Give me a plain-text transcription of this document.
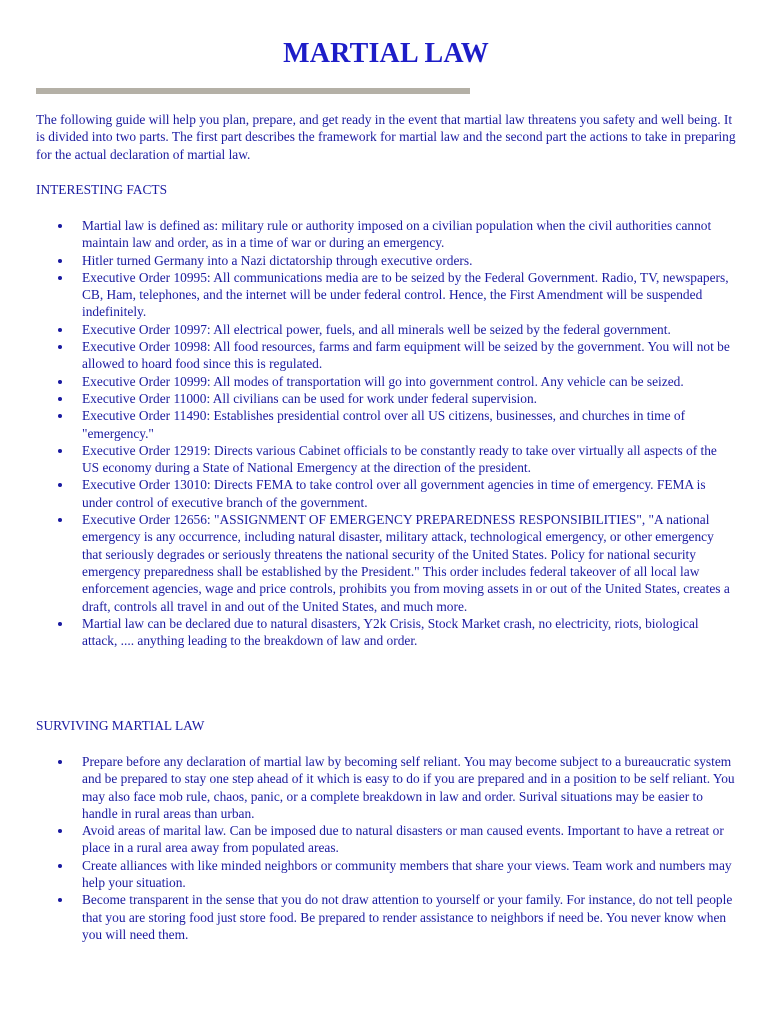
MARTIAL LAW

The following guide will help you plan, prepare, and get ready in the event that martial law threatens you safety and well being. It is divided into two parts. The first part describes the framework for martial law and the second part the actions to take in preparing for the actual declaration of martial law.

INTERESTING FACTS

Martial law is defined as: military rule or authority imposed on a civilian population when the civil authorities cannot maintain law and order, as in a time of war or during an emergency.
Hitler turned Germany into a Nazi dictatorship through executive orders.
Executive Order 10995: All communications media are to be seized by the Federal Government. Radio, TV, newspapers, CB, Ham, telephones, and the internet will be under federal control. Hence, the First Amendment will be suspended indefinitely.
Executive Order 10997: All electrical power, fuels, and all minerals well be seized by the federal government.
Executive Order 10998: All food resources, farms and farm equipment will be seized by the government. You will not be allowed to hoard food since this is regulated.
Executive Order 10999: All modes of transportation will go into government control. Any vehicle can be seized.
Executive Order 11000: All civilians can be used for work under federal supervision.
Executive Order 11490: Establishes presidential control over all US citizens, businesses, and churches in time of "emergency."
Executive Order 12919: Directs various Cabinet officials to be constantly ready to take over virtually all aspects of the US economy during a State of National Emergency at the direction of the president.
Executive Order 13010: Directs FEMA to take control over all government agencies in time of emergency. FEMA is under control of executive branch of the government.
Executive Order 12656: "ASSIGNMENT OF EMERGENCY PREPAREDNESS RESPONSIBILITIES", "A national emergency is any occurrence, including natural disaster, military attack, technological emergency, or other emergency that seriously degrades or seriously threatens the national security of the United States. Policy for national security emergency preparedness shall be established by the President." This order includes federal takeover of all local law enforcement agencies, wage and price controls, prohibits you from moving assets in or out of the United States, creates a draft, controls all travel in and out of the United States, and much more.
Martial law can be declared due to natural disasters, Y2k Crisis, Stock Market crash, no electricity, riots, biological attack, .... anything leading to the breakdown of law and order.

SURVIVING MARTIAL LAW

Prepare before any declaration of martial law by becoming self reliant. You may become subject to a bureaucratic system and be prepared to stay one step ahead of it which is easy to do if you are prepared and in a position to be self reliant. You may also face mob rule, chaos, panic, or a complete breakdown in law and order. Surival situations may be easier to handle in rural areas than urban.
Avoid areas of marital law. Can be imposed due to natural disasters or man caused events. Important to have a retreat or place in a rural area away from populated areas.
Create alliances with like minded neighbors or community members that share your views. Team work and numbers may help your situation.
Become transparent in the sense that you do not draw attention to yourself or your family. For instance, do not tell people that you are storing food just store food. Be prepared to render assistance to neighbors if need be. You never know when you will need them.
